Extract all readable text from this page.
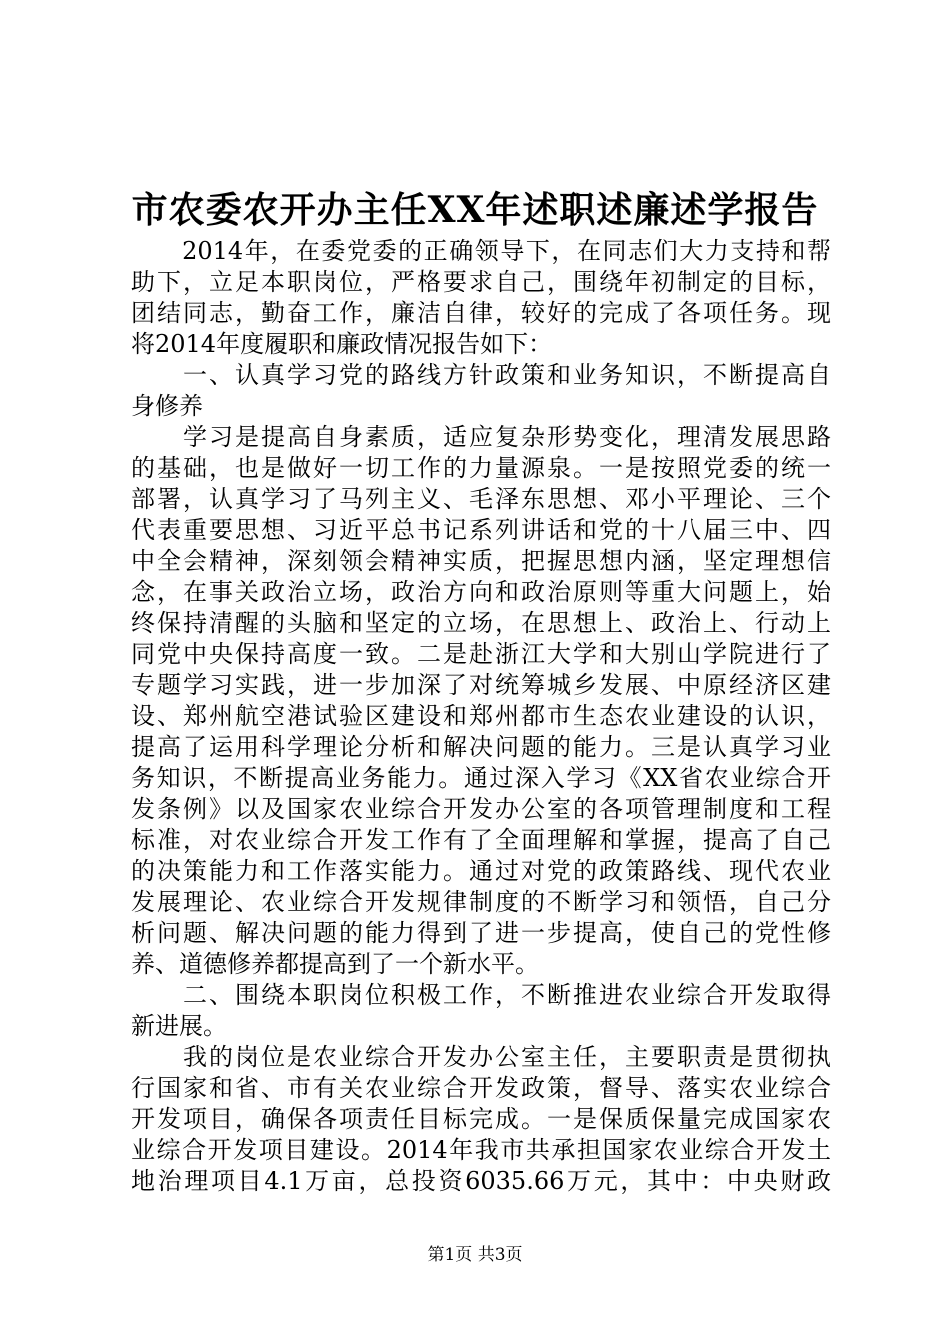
市农委农开办主任XX年述职述廉述学报告
　　2014年，在委党委的正确领导下，在同志们大力支持和帮
助下，立足本职岗位，严格要求自己，围绕年初制定的目标，
团结同志，勤奋工作，廉洁自律，较好的完成了各项任务。现
将2014年度履职和廉政情况报告如下：
　　一、认真学习党的路线方针政策和业务知识，不断提高自
身修养
　　学习是提高自身素质，适应复杂形势变化，理清发展思路
的基础，也是做好一切工作的力量源泉。一是按照党委的统一
部署，认真学习了马列主义、毛泽东思想、邓小平理论、三个
代表重要思想、习近平总书记系列讲话和党的十八届三中、四
中全会精神，深刻领会精神实质，把握思想内涵，坚定理想信
念，在事关政治立场，政治方向和政治原则等重大问题上，始
终保持清醒的头脑和坚定的立场，在思想上、政治上、行动上
同党中央保持高度一致。二是赴浙江大学和大别山学院进行了
专题学习实践，进一步加深了对统筹城乡发展、中原经济区建
设、郑州航空港试验区建设和郑州都市生态农业建设的认识，
提高了运用科学理论分析和解决问题的能力。三是认真学习业
务知识，不断提高业务能力。通过深入学习《XX省农业综合开
发条例》以及国家农业综合开发办公室的各项管理制度和工程
标准，对农业综合开发工作有了全面理解和掌握，提高了自己
的决策能力和工作落实能力。通过对党的政策路线、现代农业
发展理论、农业综合开发规律制度的不断学习和领悟，自己分
析问题、解决问题的能力得到了进一步提高，使自己的党性修
养、道德修养都提高到了一个新水平。
　　二、围绕本职岗位积极工作，不断推进农业综合开发取得
新进展。
　　我的岗位是农业综合开发办公室主任，主要职责是贯彻执
行国家和省、市有关农业综合开发政策，督导、落实农业综合
开发项目，确保各项责任目标完成。一是保质保量完成国家农
业综合开发项目建设。2014年我市共承担国家农业综合开发土
地治理项目4.1万亩，总投资6035.66万元，其中：中央财政
第1页 共3页
